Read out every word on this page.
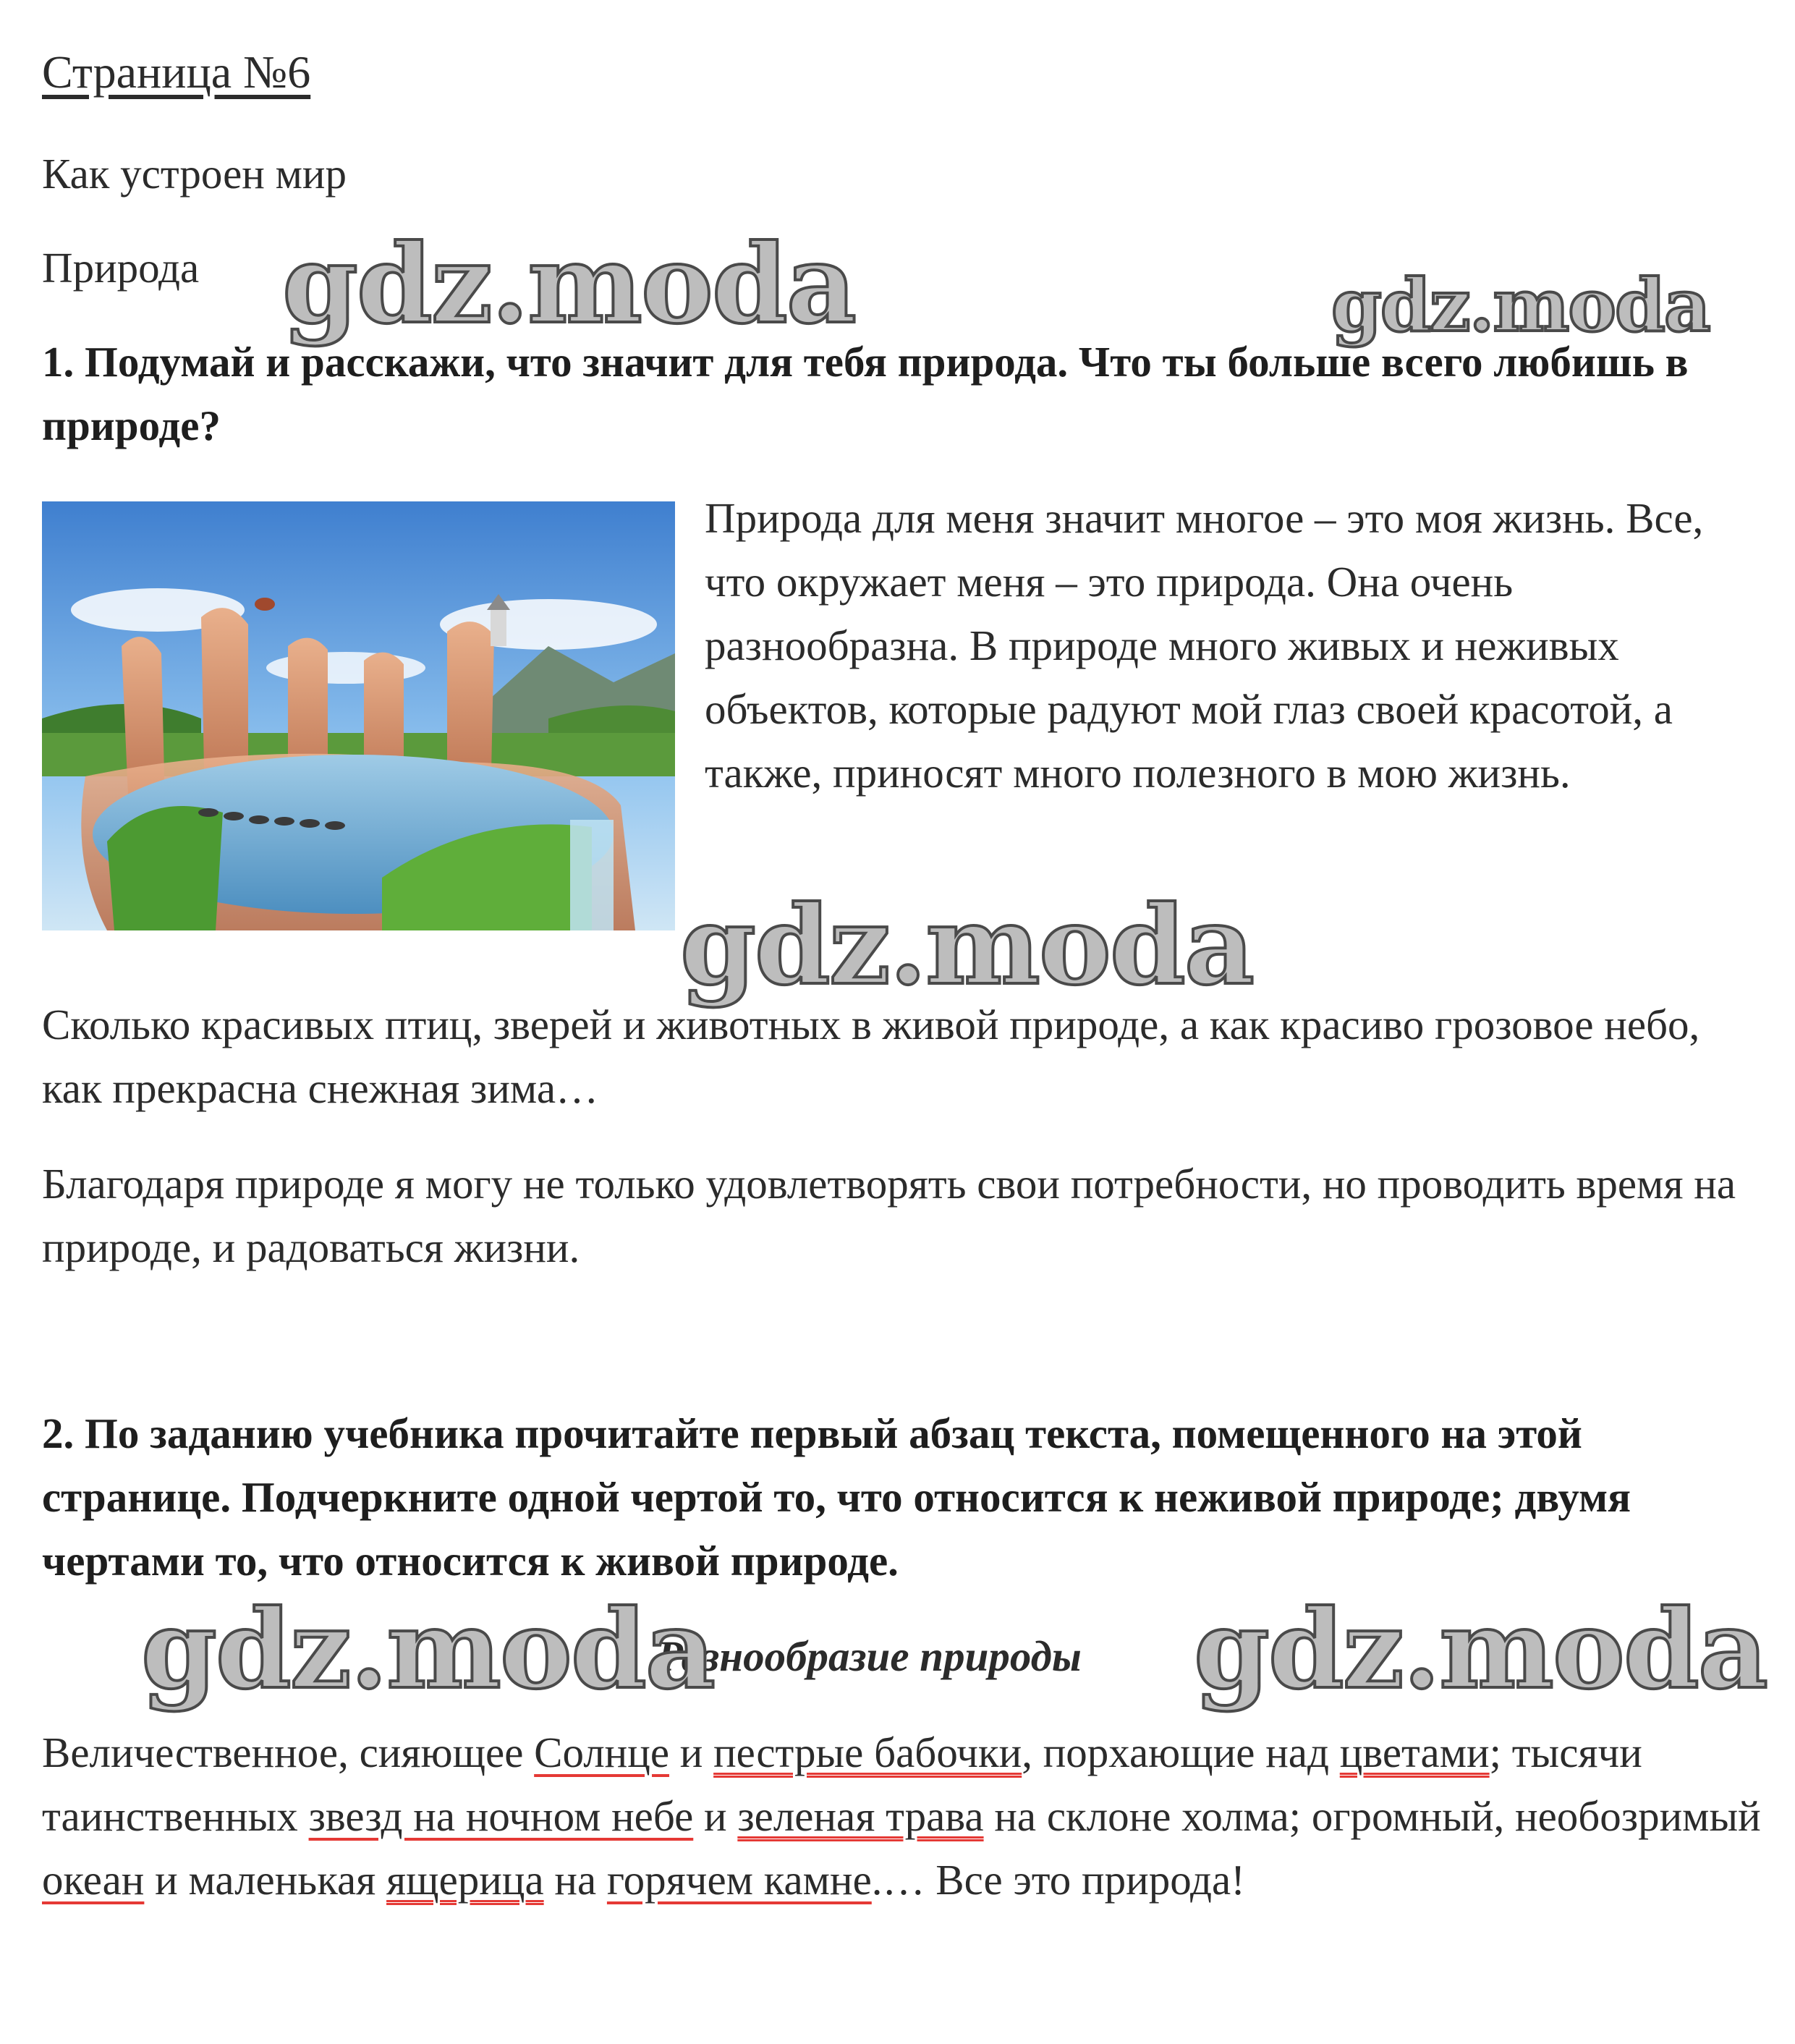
Страница №6
Как устроен мир
Природа

1. Подумай и расскажи, что значит для тебя природа. Что ты больше всего любишь в природе?

Природа для меня значит многое – это моя жизнь. Все, что окружает меня – это природа. Она очень разнообразна. В природе много живых и неживых объектов, которые радуют мой глаз своей красотой, а также, приносят много полезного в мою жизнь.

Сколько красивых птиц, зверей и животных в живой природе, а как красиво грозовое небо, как прекрасна снежная зима…

Благодаря природе я могу не только удовлетворять свои потребности, но проводить время на природе, и радоваться жизни.

2. По заданию учебника прочитайте первый абзац текста, помещенного на этой странице. Подчеркните одной чертой то, что относится к неживой природе; двумя чертами то, что относится к живой природе.

Разнообразие природы

Величественное, сияющее Солнце и пестрые бабочки, порхающие над цветами; тысячи таинственных звезд на ночном небе и зеленая трава на склоне холма; огромный, необозримый океан и маленькая ящерица на горячем камне.… Все это природа!

gdz.moda	gdz.moda
gdz.moda
gdz.moda	gdz.moda
